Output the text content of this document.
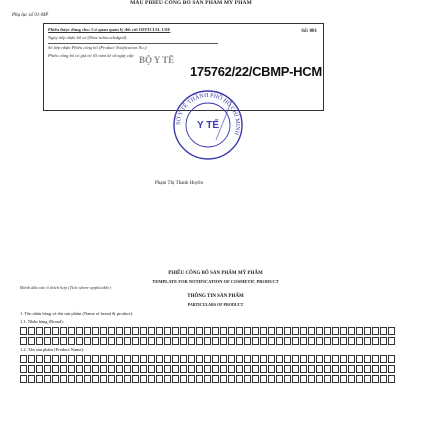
MẪU PHIẾU CÔNG BỐ SẢN PHẨM MỸ PHẨM
Phụ lục số 01-MP
Phiếu được dùng cho: Cơ quan quản lý đối với OFFICIAL USE
Ngày tiếp nhận hồ sơ (Date acknowledged):
Số tiếp nhận Phiếu công bố (Product Notification No.):
Phiếu công bố có giá trị 05 năm kể từ ngày cấp BỘ Y TẾ
175762/22/CBMP-HCM
Số: 001
SỞ Y TẾ THÀNH PHỐ HỒ CHÍ MINH
Y TẾ
Phạm Thị Thanh Huyền
PHIẾU CÔNG BỐ SẢN PHẨM MỸ PHẨM
TEMPLATE FOR NOTIFICATION OF COSMETIC PRODUCT
Đánh dấu vào ô thích hợp (Tick where applicable)
THÔNG TIN SẢN PHẨM
PARTICULARS OF PRODUCT
1. Tên nhãn hàng và tên sản phẩm (Name of brand & product):
1.1. Nhãn hàng (Brand):
1.2. Tên sản phẩm (Product Name):
